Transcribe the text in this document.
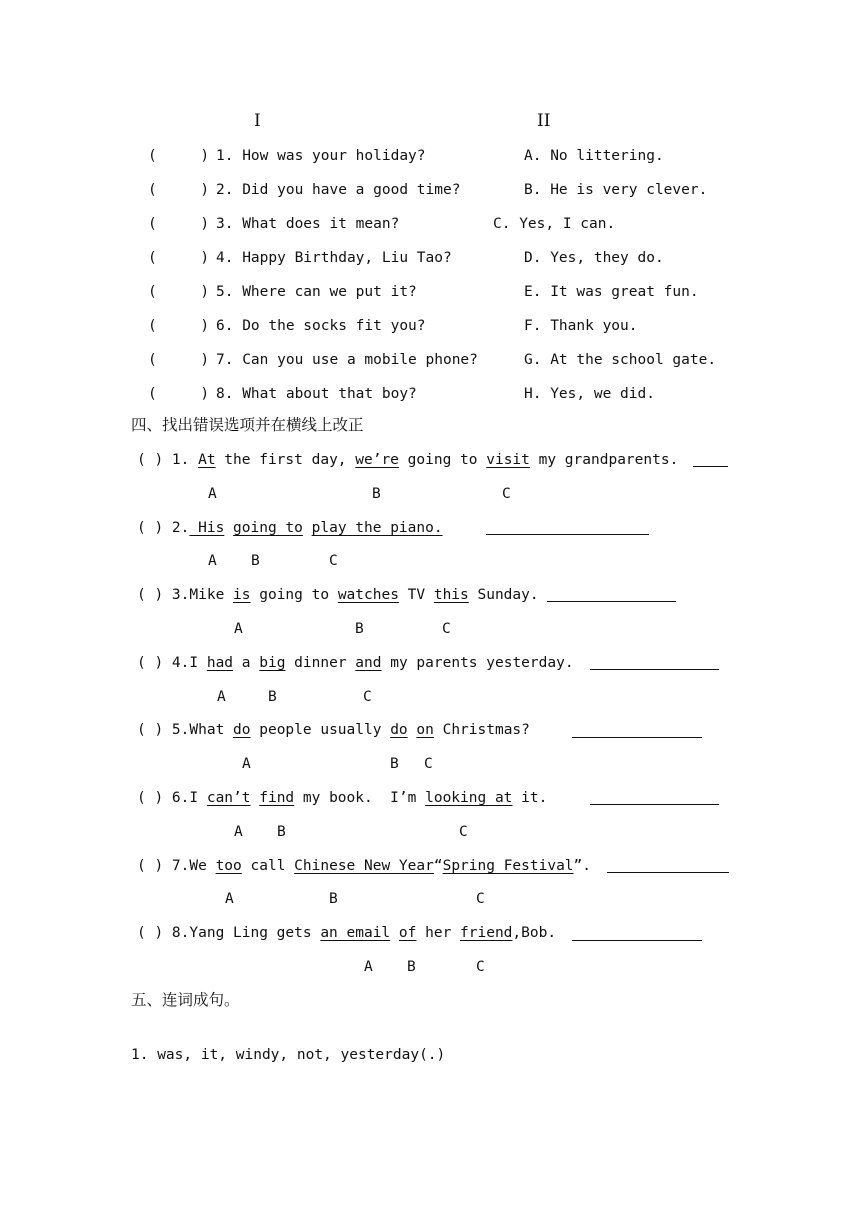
I	II
(     ) 1. How was your holiday?	A. No littering.
(     ) 2. Did you have a good time?	B. He is very clever.
(     ) 3. What does it mean?	C. Yes, I can.
(     ) 4. Happy Birthday, Liu Tao?	D. Yes, they do.
(     ) 5. Where can we put it?	E. It was great fun.
(     ) 6. Do the socks fit you?	F. Thank you.
(     ) 7. Can you use a mobile phone?	G. At the school gate.
(     ) 8. What about that boy?	H. Yes, we did.
四、找出错误选项并在横线上改正
( ) 1. At the first day, we’re going to visit my grandparents.
A	B	C
( ) 2. His going to play the piano.
A B	C
( ) 3.Mike is going to watches TV this Sunday.
A	B	C
( ) 4.I had a big dinner and my parents yesterday.
A	B	C
( ) 5.What do people usually do on Christmas?
A	B C
( ) 6.I can’t find my book.  I’m looking at it.
A B	C
( ) 7.We too call Chinese New Year“Spring Festival”.
A	B	C
( ) 8.Yang Ling gets an email of her friend,Bob.
A B	C
五、连词成句。
1. was, it, windy, not, yesterday(.)
